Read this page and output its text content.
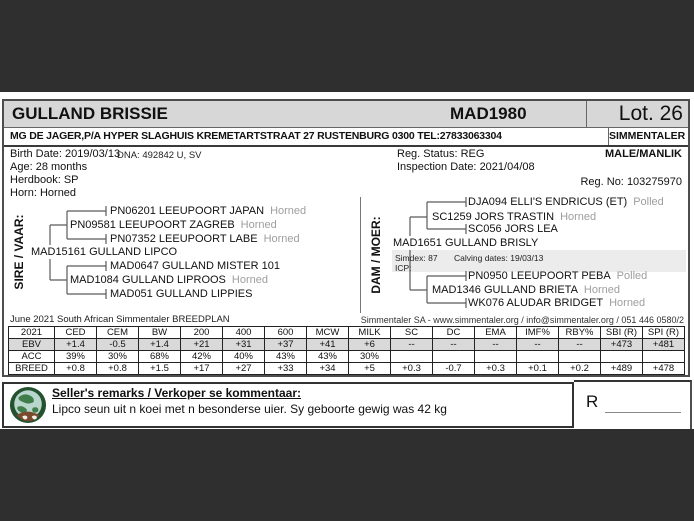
GULLAND BRISSIE	MAD1980	Lot. 26
MG DE JAGER,P/A HYPER SLAGHUIS KREMETARTSTRAAT 27 RUSTENBURG 0300 TEL:27833063304	SIMMENTALER
Birth Date: 2019/03/13
DNA: 492842 U, SV
Age: 28 months
Herdbook: SP
Horn: Horned
Reg. Status: REG
Inspection Date: 2021/04/08
MALE/MANLIK
Reg. No: 103275970
SIRE / VAAR:	DAM / MOER:
PN06201 LEEUPOORT JAPAN Horned
PN09581 LEEUPOORT ZAGREB Horned
PN07352 LEEUPOORT LABE Horned
MAD15161 GULLAND LIPCO
MAD0647 GULLAND MISTER 101
MAD1084 GULLAND LIPROOS Horned
MAD051 GULLAND LIPPIES
DJA094 ELLI'S ENDRICUS (ET) Polled
SC1259 JORS TRASTIN Horned
SC056 JORS LEA
MAD1651 GULLAND BRISLY
Simdex: 87 Calving dates: 19/03/13
ICP:
PN0950 LEEUPOORT PEBA Polled
MAD1346 GULLAND BRIETA Horned
WK076 ALUDAR BRIDGET Horned
June 2021 South African Simmentaler BREEDPLAN	Simmentaler SA - www.simmentaler.org / info@simmentaler.org / 051 446 0580/2
2021	CED	CEM	BW	200	400	600	MCW	MILK	SC	DC	EMA	IMF%	RBY%	SBI (R)	SPI (R)
EBV	+1.4	-0.5	+1.4	+21	+31	+37	+41	+6	--	--	--	--	--	+473	+481
ACC	39%	30%	68%	42%	40%	43%	43%	30%							
BREED	+0.8	+0.8	+1.5	+17	+27	+33	+34	+5	+0.3	-0.7	+0.3	+0.1	+0.2	+489	+478
Seller's remarks / Verkoper se kommentaar:
Lipco seun uit n koei met n besonderse uier. Sy geboorte gewig was 42 kg	R
